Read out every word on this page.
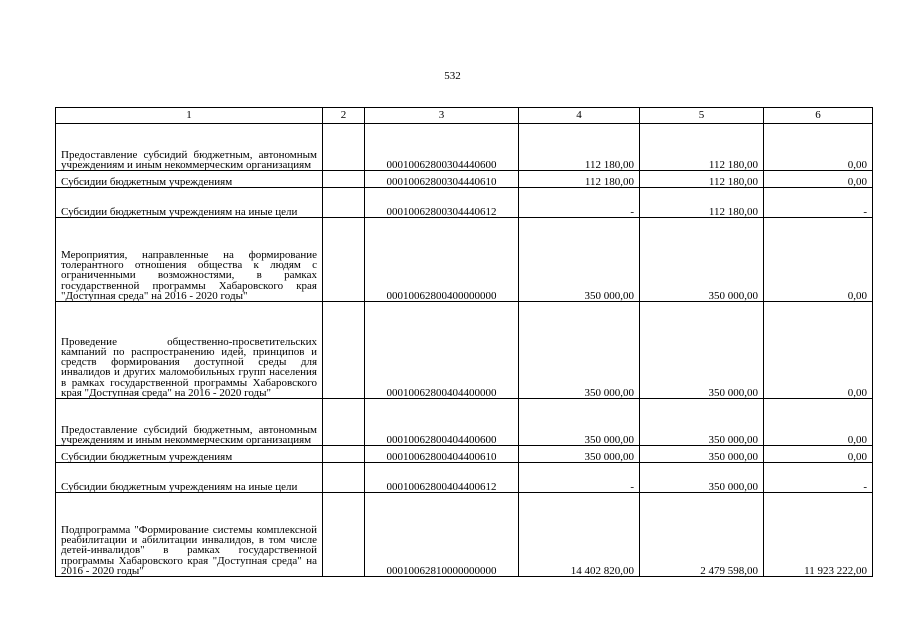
532
1	2	3	4	5	6
Предоставление субсидий бюджетным, автономным учреждениям и иным некоммерческим организациям		00010062800304440600	112 180,00	112 180,00	0,00
Субсидии бюджетным учреждениям		00010062800304440610	112 180,00	112 180,00	0,00
Субсидии бюджетным учреждениям на иные цели		00010062800304440612	-	112 180,00	-
Мероприятия, направленные на формирование толерантного отношения общества к людям с ограниченными возможностями, в рамках государственной программы Хабаровского края "Доступная среда" на 2016 - 2020 годы"		00010062800400000000	350 000,00	350 000,00	0,00
Проведение общественно-просветительских кампаний по распространению идей, принципов и средств формирования доступной среды для инвалидов и других маломобильных групп населения в рамках государственной программы Хабаровского края "Доступная среда" на 2016 - 2020 годы"		00010062800404400000	350 000,00	350 000,00	0,00
Предоставление субсидий бюджетным, автономным учреждениям и иным некоммерческим организациям		00010062800404400600	350 000,00	350 000,00	0,00
Субсидии бюджетным учреждениям		00010062800404400610	350 000,00	350 000,00	0,00
Субсидии бюджетным учреждениям на иные цели		00010062800404400612	-	350 000,00	-
Подпрограмма "Формирование системы комплексной реабилитации и абилитации инвалидов, в том числе детей-инвалидов" в рамках государственной программы Хабаровского края "Доступная среда" на 2016 - 2020 годы"		00010062810000000000	14 402 820,00	2 479 598,00	11 923 222,00
